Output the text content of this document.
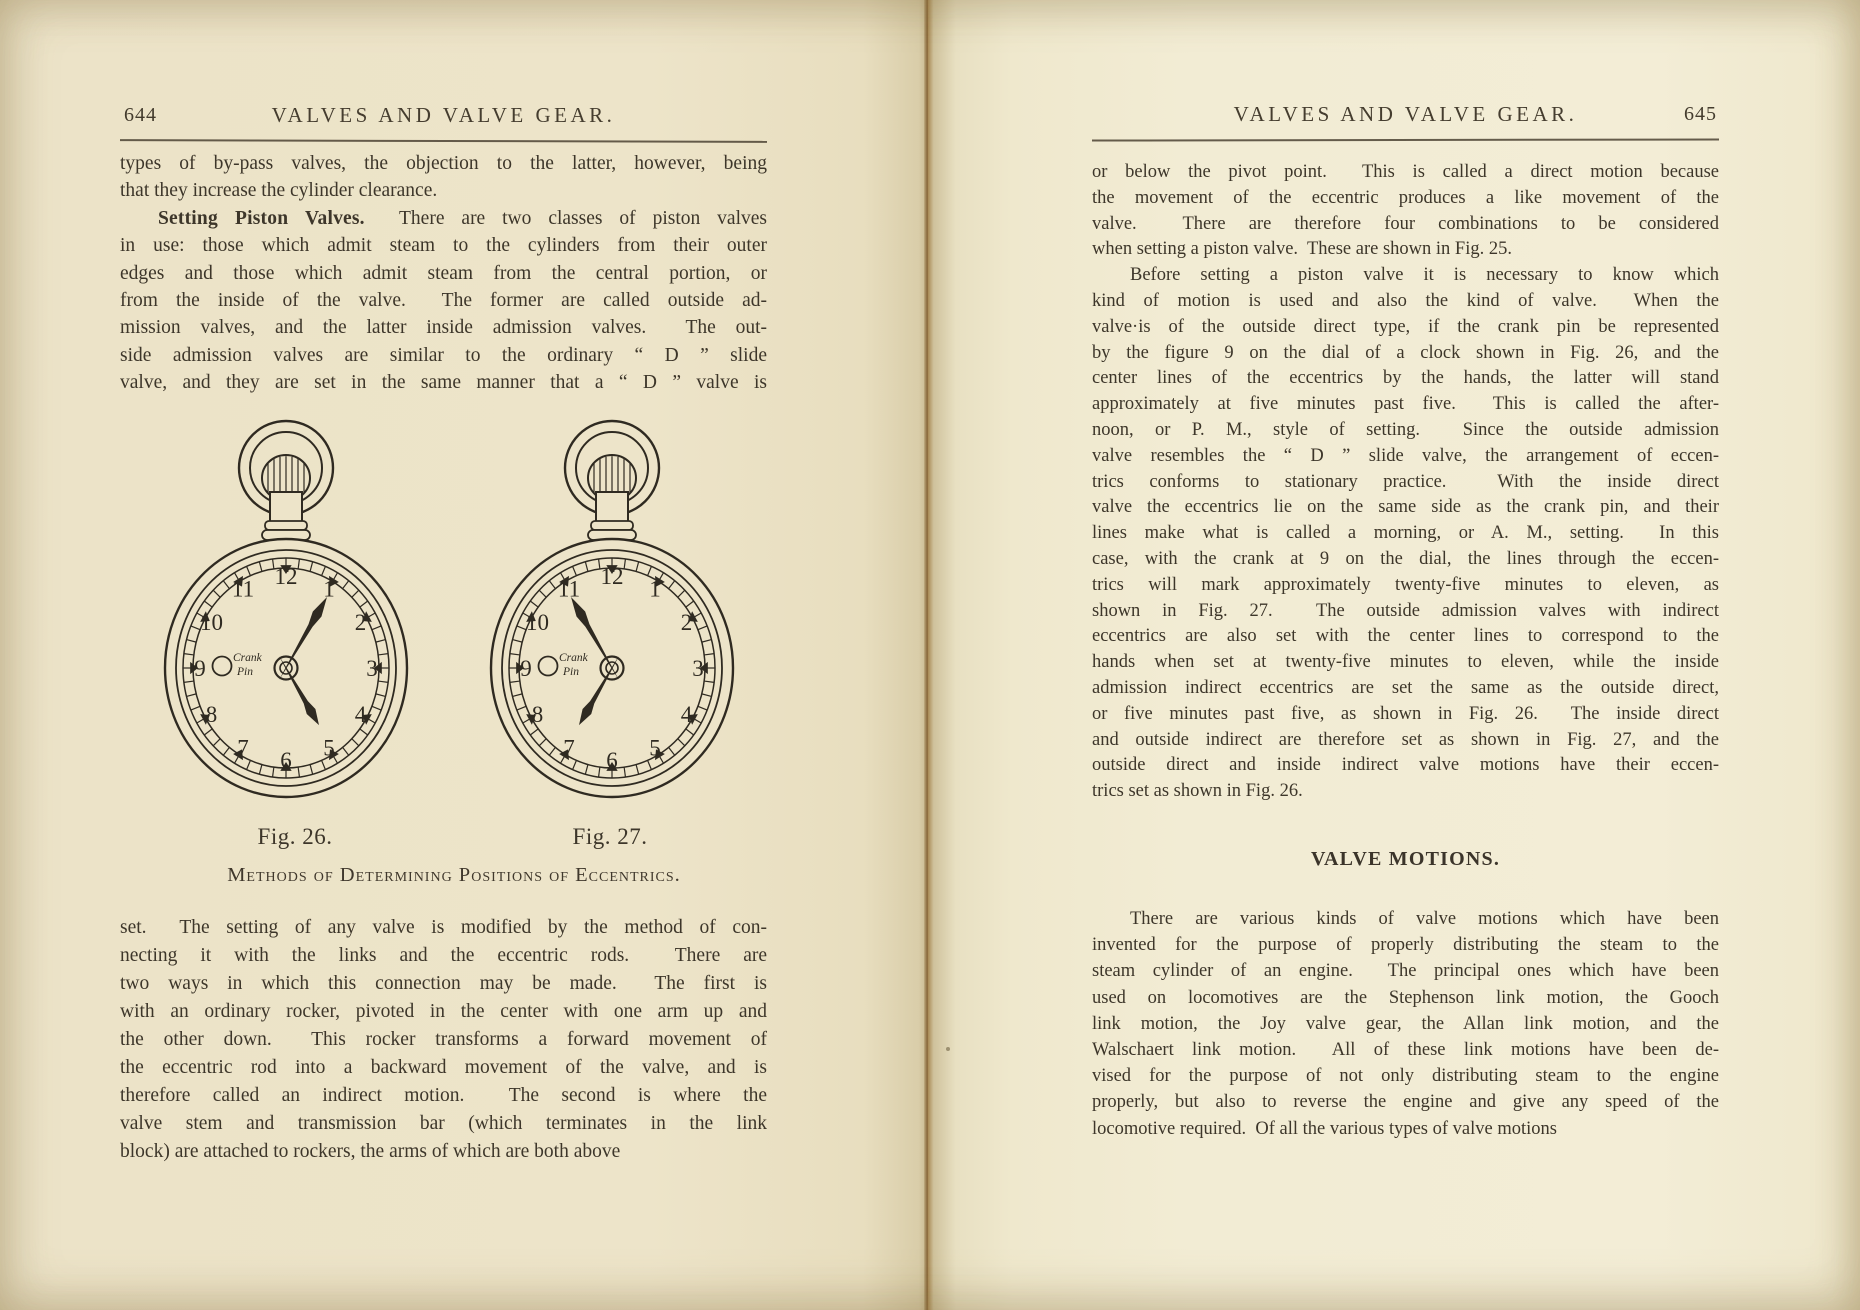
644	VALVES AND VALVE GEAR.
types of by-pass valves, the objection to the latter, however, being
that they increase the cylinder clearance.
Setting Piston Valves.  There are two classes of piston valves
in use: those which admit steam to the cylinders from their outer
edges and those which admit steam from the central portion, or
from the inside of the valve.  The former are called outside ad-
mission valves, and the latter inside admission valves.  The out-
side admission valves are similar to the ordinary “ D ” slide
valve, and they are set in the same manner that a “ D ” valve is
12 1
2
3
4
5
6
7
8
9
10
11
Crank
Pin
12 1
2
3
4
5
6
7
8
9
10
11
Crank
Pin
Fig. 26.	Fig. 27.
Methods of Determining Positions of Eccentrics.
set.  The setting of any valve is modified by the method of con-
necting it with the links and the eccentric rods.  There are
two ways in which this connection may be made.  The first is
with an ordinary rocker, pivoted in the center with one arm up and
the other down.  This rocker transforms a forward movement of
the eccentric rod into a backward movement of the valve, and is
therefore called an indirect motion.  The second is where the
valve stem and transmission bar (which terminates in the link
block) are attached to rockers, the arms of which are both above
645
VALVES AND VALVE GEAR.
or below the pivot point.  This is called a direct motion because
the movement of the eccentric produces a like movement of the
valve.  There are therefore four combinations to be considered
when setting a piston valve.  These are shown in Fig. 25.
Before setting a piston valve it is necessary to know which
kind of motion is used and also the kind of valve.  When the
valve·is of the outside direct type, if the crank pin be represented
by the figure 9 on the dial of a clock shown in Fig. 26, and the
center lines of the eccentrics by the hands, the latter will stand
approximately at five minutes past five.  This is called the after-
noon, or P. M., style of setting.  Since the outside admission
valve resembles the “ D ” slide valve, the arrangement of eccen-
trics conforms to stationary practice.  With the inside direct
valve the eccentrics lie on the same side as the crank pin, and their
lines make what is called a morning, or A. M., setting.  In this
case, with the crank at 9 on the dial, the lines through the eccen-
trics will mark approximately twenty-five minutes to eleven, as
shown in Fig. 27.  The outside admission valves with indirect
eccentrics are also set with the center lines to correspond to the
hands when set at twenty-five minutes to eleven, while the inside
admission indirect eccentrics are set the same as the outside direct,
or five minutes past five, as shown in Fig. 26.  The inside direct
and outside indirect are therefore set as shown in Fig. 27, and the
outside direct and inside indirect valve motions have their eccen-
trics set as shown in Fig. 26.
VALVE MOTIONS.
There are various kinds of valve motions which have been
invented for the purpose of properly distributing the steam to the
steam cylinder of an engine.  The principal ones which have been
used on locomotives are the Stephenson link motion, the Gooch
link motion, the Joy valve gear, the Allan link motion, and the
Walschaert link motion.  All of these link motions have been de-
vised for the purpose of not only distributing steam to the engine
properly, but also to reverse the engine and give any speed of the
locomotive required.  Of all the various types of valve motions
